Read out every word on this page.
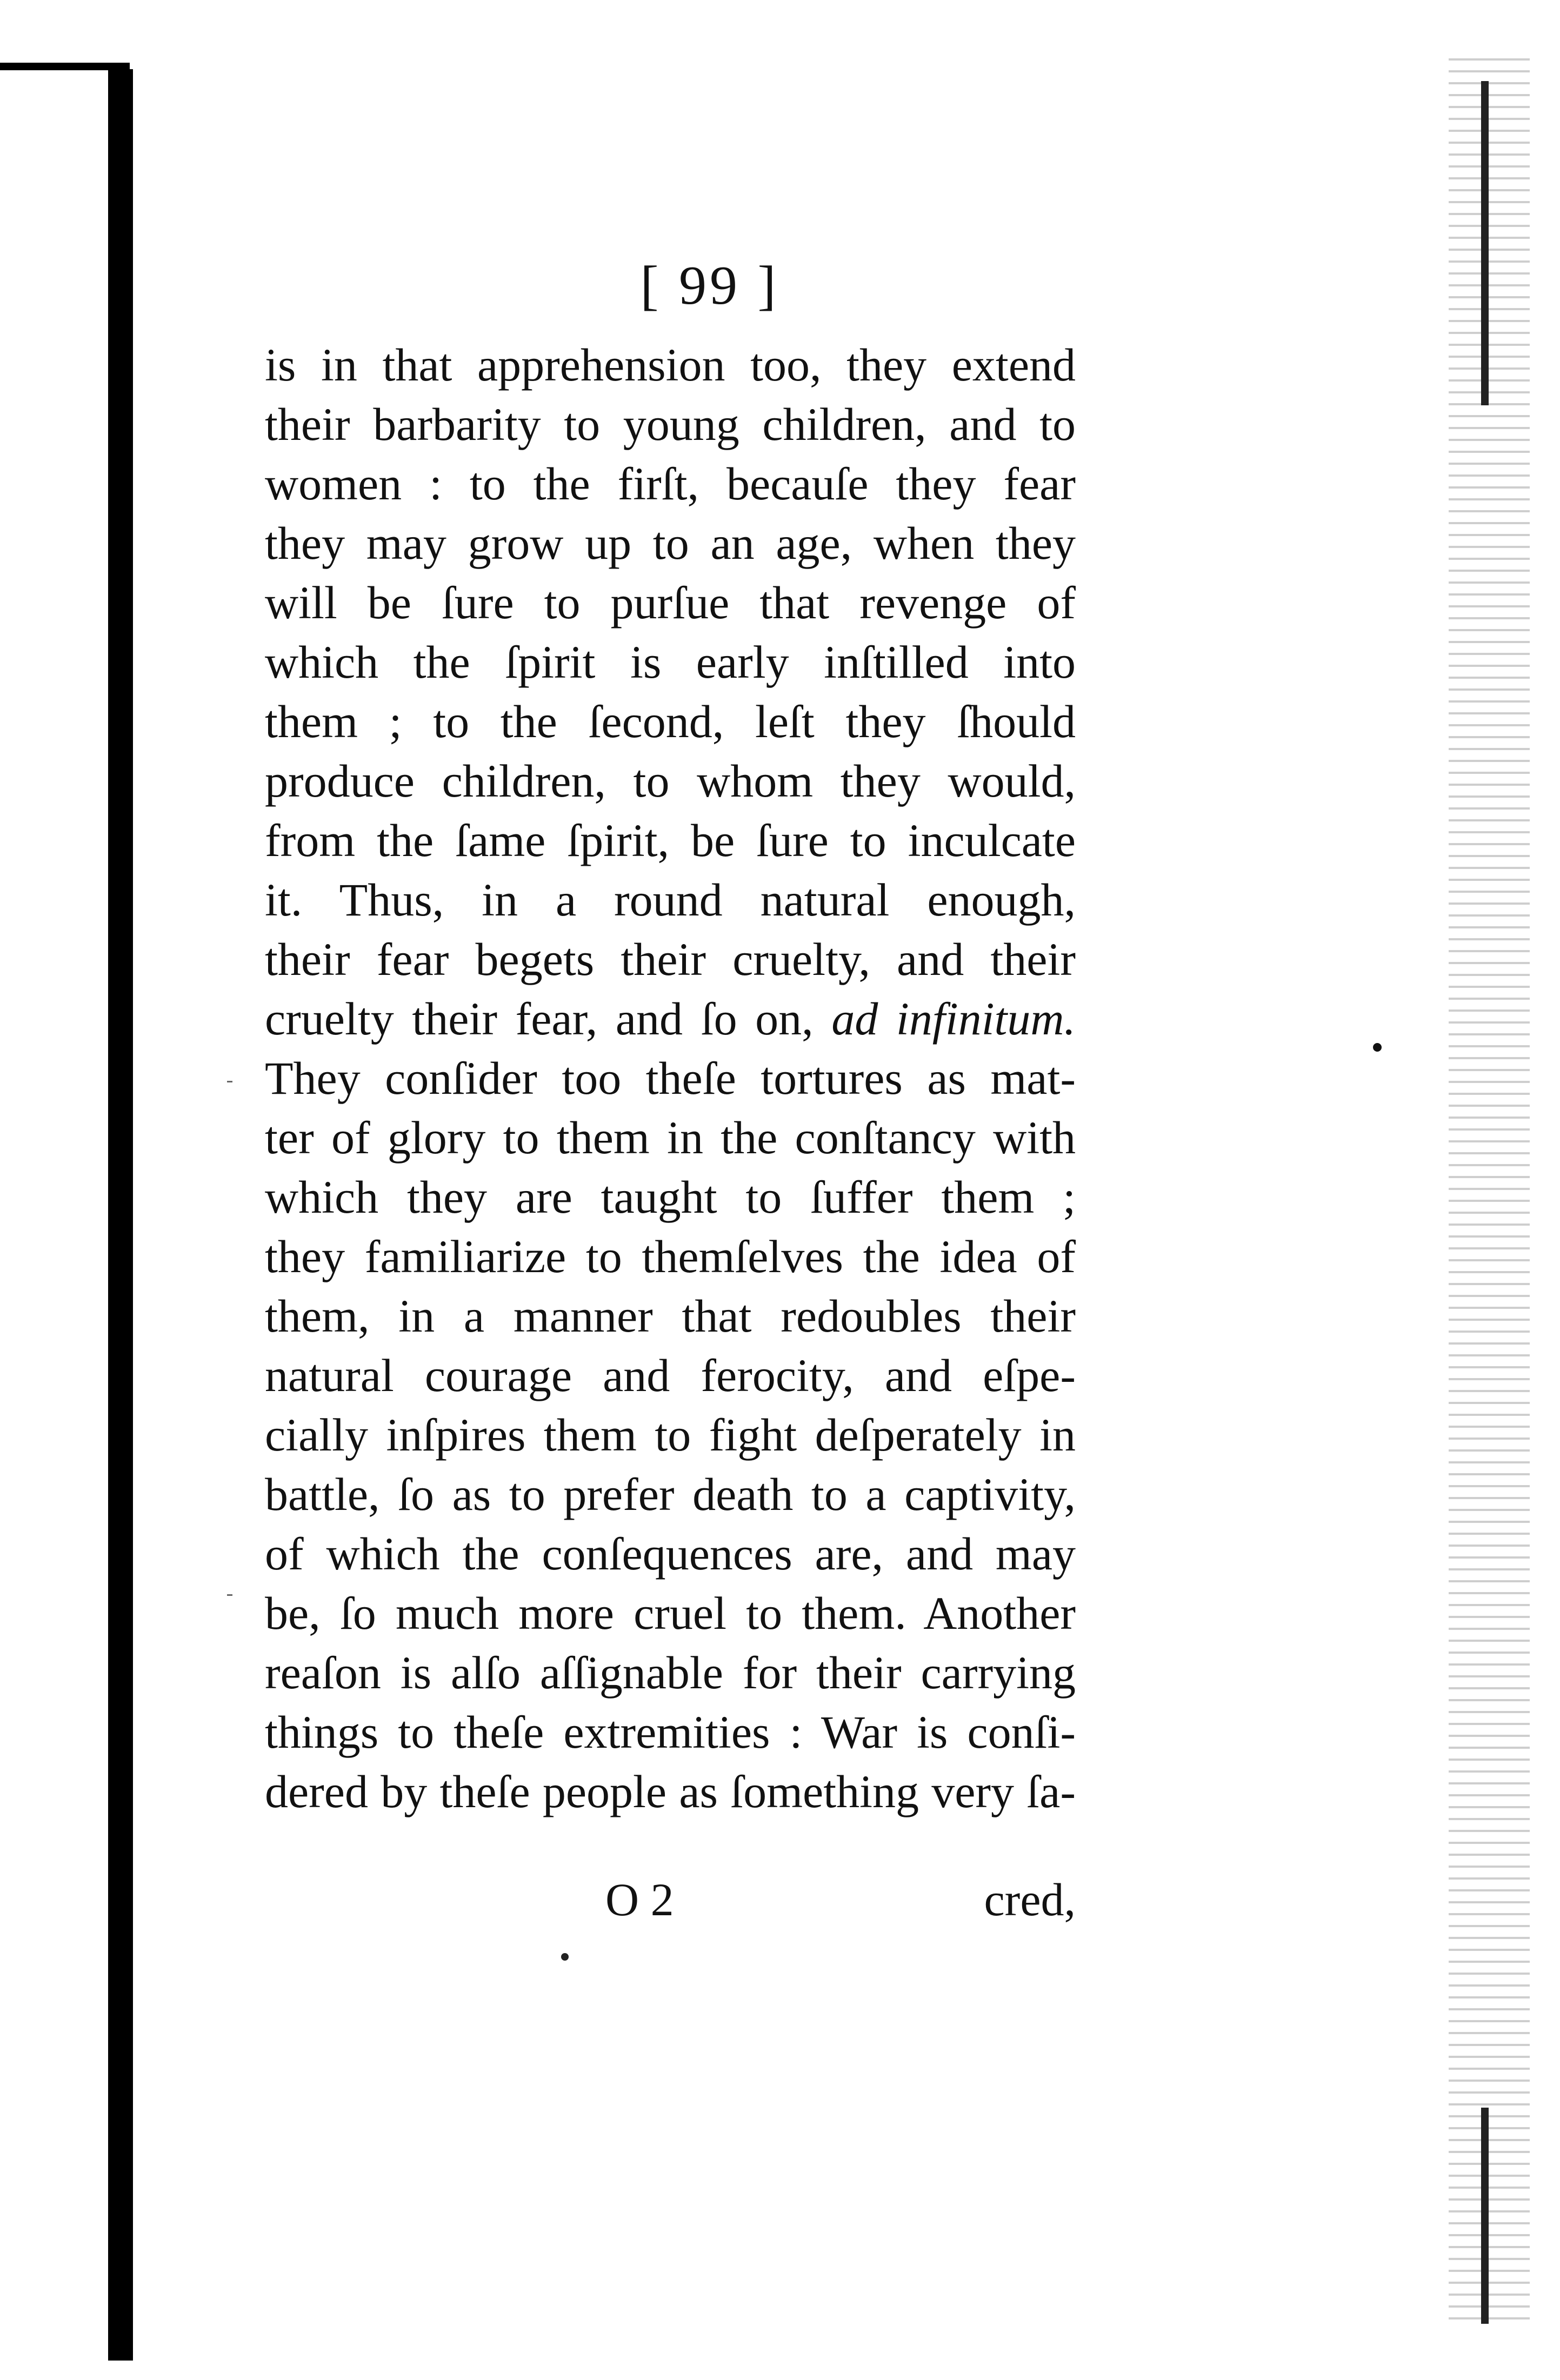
[ 99 ]
is in that apprehension too, they extend
their barbarity to young children, and to
women : to the firſt, becauſe they fear
they may grow up to an age, when they
will be ſure to purſue that revenge of
which the ſpirit is early inſtilled into
them ; to the ſecond, leſt they ſhould
produce children, to whom they would,
from the ſame ſpirit, be ſure to inculcate
it. Thus, in a round natural enough,
their fear begets their cruelty, and their
cruelty their fear, and ſo on, ad infinitum.
They conſider too theſe tortures as mat-
ter of glory to them in the conſtancy with
which they are taught to ſuffer them ;
they familiarize to themſelves the idea of
them, in a manner that redoubles their
natural courage and ferocity, and eſpe-
cially inſpires them to fight deſperately in
battle, ſo as to prefer death to a captivity,
of which the conſequences are, and may
be, ſo much more cruel to them. Another
reaſon is alſo aſſignable for their carrying
things to theſe extremities : War is conſi-
dered by theſe people as ſomething very ſa-
O 2	cred,
